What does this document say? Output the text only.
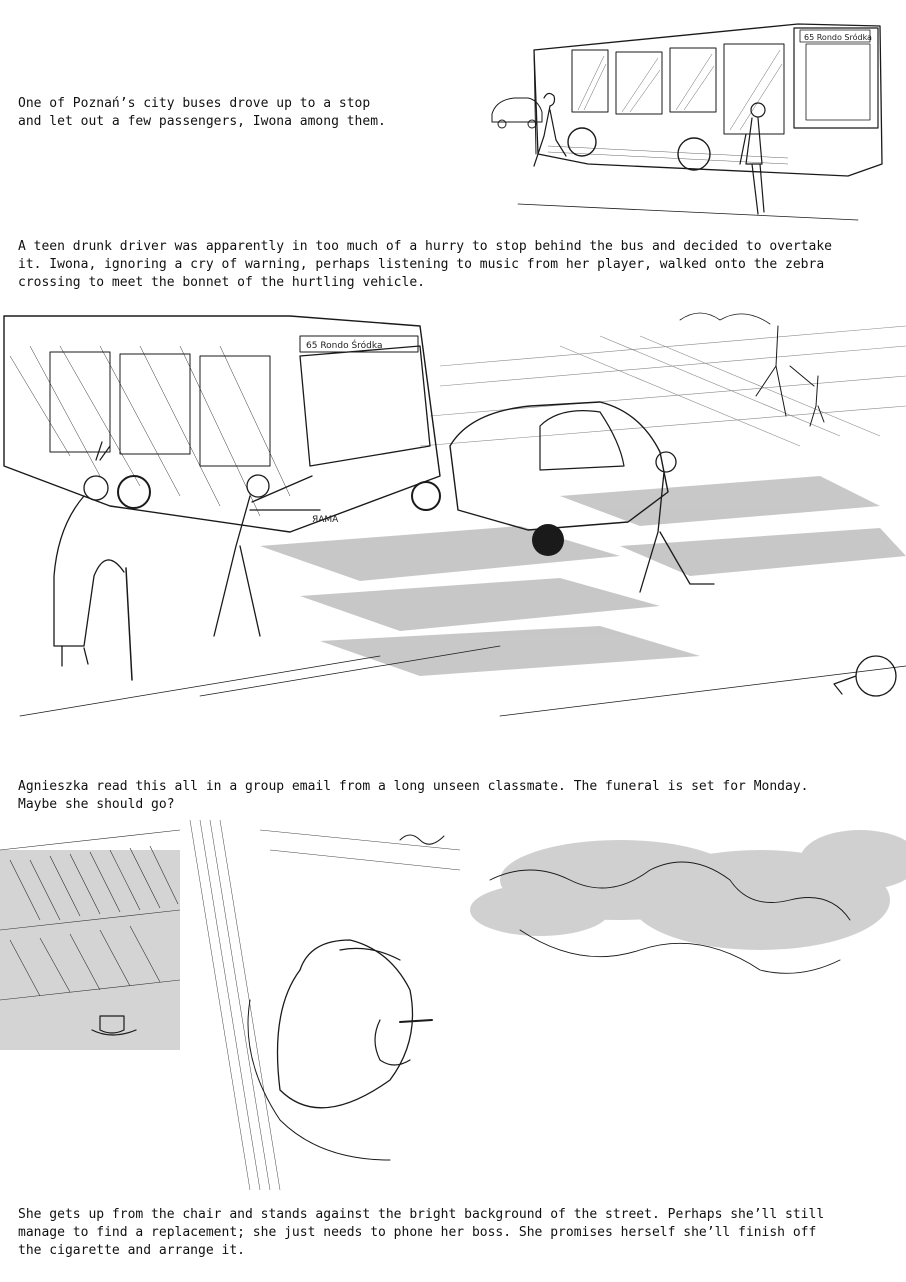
One of Poznań’s city buses drove up to a stop
and let out a few passengers, Iwona among them.

65 Rondo Sródka

A teen drunk driver was apparently in too much of a hurry to stop behind the bus and decided to overtake
it. Iwona, ignoring a cry of warning, perhaps listening to music from her player, walked onto the zebra
crossing to meet the bonnet of the hurtling vehicle.

65 Rondo Śródka
ЯAMA

Agnieszka read this all in a group email from a long unseen classmate. The funeral is set for Monday.
Maybe she should go?

She gets up from the chair and stands against the bright background of the street. Perhaps she’ll still
manage to find a replacement; she just needs to phone her boss. She promises herself she’ll finish off
the cigarette and arrange it.
